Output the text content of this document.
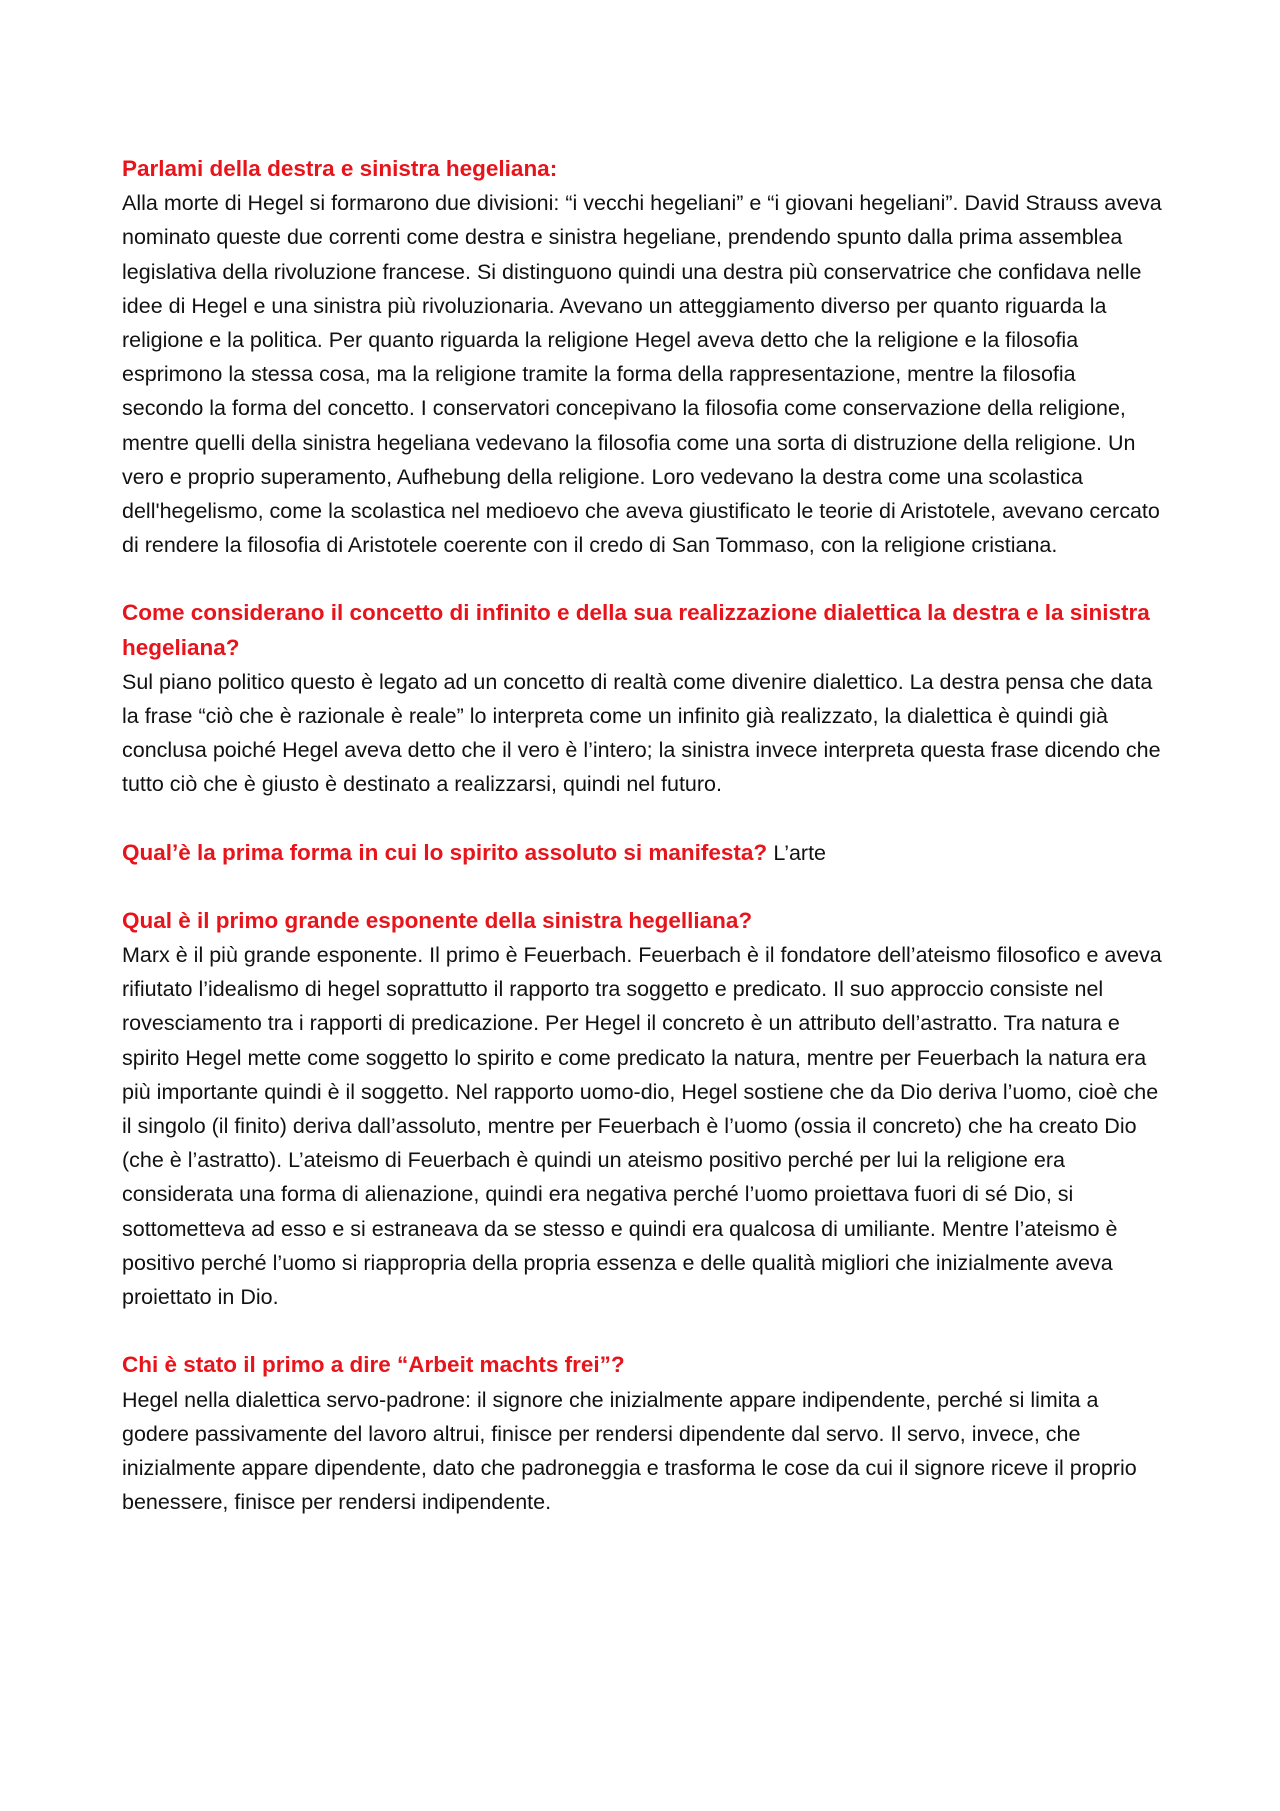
Parlami della destra e sinistra hegeliana:

Alla morte di Hegel si formarono due divisioni: “i vecchi hegeliani” e “i giovani hegeliani”. David Strauss aveva nominato queste due correnti come destra e sinistra hegeliane, prendendo spunto dalla prima assemblea legislativa della rivoluzione francese. Si distinguono quindi una destra più conservatrice che confidava nelle idee di Hegel e una sinistra più rivoluzionaria. Avevano un atteggiamento diverso per quanto riguarda la religione e la politica. Per quanto riguarda la religione Hegel aveva detto che la religione e la filosofia esprimono la stessa cosa, ma la religione tramite la forma della rappresentazione, mentre la filosofia secondo la forma del concetto. I conservatori concepivano la filosofia come conservazione della religione, mentre quelli della sinistra hegeliana vedevano la filosofia come una sorta di distruzione della religione. Un vero e proprio superamento, Aufhebung della religione. Loro vedevano la destra come una scolastica dell'hegelismo, come la scolastica nel medioevo che aveva giustificato le teorie di Aristotele, avevano cercato di rendere la filosofia di Aristotele coerente con il credo di San Tommaso, con la religione cristiana.

Come considerano il concetto di infinito e della sua realizzazione dialettica la destra e la sinistra hegeliana?

Sul piano politico questo è legato ad un concetto di realtà come divenire dialettico. La destra pensa che data la frase “ciò che è razionale è reale” lo interpreta come un infinito già realizzato, la dialettica è quindi già conclusa poiché Hegel aveva detto che il vero è l’intero; la sinistra invece interpreta questa frase dicendo che tutto ciò che è giusto è destinato a realizzarsi, quindi nel futuro.

Qual’è la prima forma in cui lo spirito assoluto si manifesta? L’arte

Qual è il primo grande esponente della sinistra hegelliana?

Marx è il più grande esponente. Il primo è Feuerbach. Feuerbach è il fondatore dell’ateismo filosofico e aveva rifiutato l’idealismo di hegel soprattutto il rapporto tra soggetto e predicato. Il suo approccio consiste nel rovesciamento tra i rapporti di predicazione. Per Hegel il concreto è un attributo dell’astratto. Tra natura e spirito Hegel mette come soggetto lo spirito e come predicato la natura, mentre per Feuerbach la natura era più importante quindi è il soggetto. Nel rapporto uomo-dio, Hegel sostiene che da Dio deriva l’uomo, cioè che il singolo (il finito) deriva dall’assoluto, mentre per Feuerbach è l’uomo (ossia il concreto) che ha creato Dio (che è l’astratto). L’ateismo di Feuerbach è quindi un ateismo positivo perché per lui la religione era considerata una forma di alienazione, quindi era negativa perché l’uomo proiettava fuori di sé Dio, si sottometteva ad esso e si estraneava da se stesso e quindi era qualcosa di umiliante. Mentre l’ateismo è positivo perché l’uomo si riappropria della propria essenza e delle qualità migliori che inizialmente aveva proiettato in Dio.

Chi è stato il primo a dire “Arbeit machts frei”?

Hegel nella dialettica servo-padrone: il signore che inizialmente appare indipendente, perché si limita a godere passivamente del lavoro altrui, finisce per rendersi dipendente dal servo. Il servo, invece, che inizialmente appare dipendente, dato che padroneggia e trasforma le cose da cui il signore riceve il proprio benessere, finisce per rendersi indipendente.
